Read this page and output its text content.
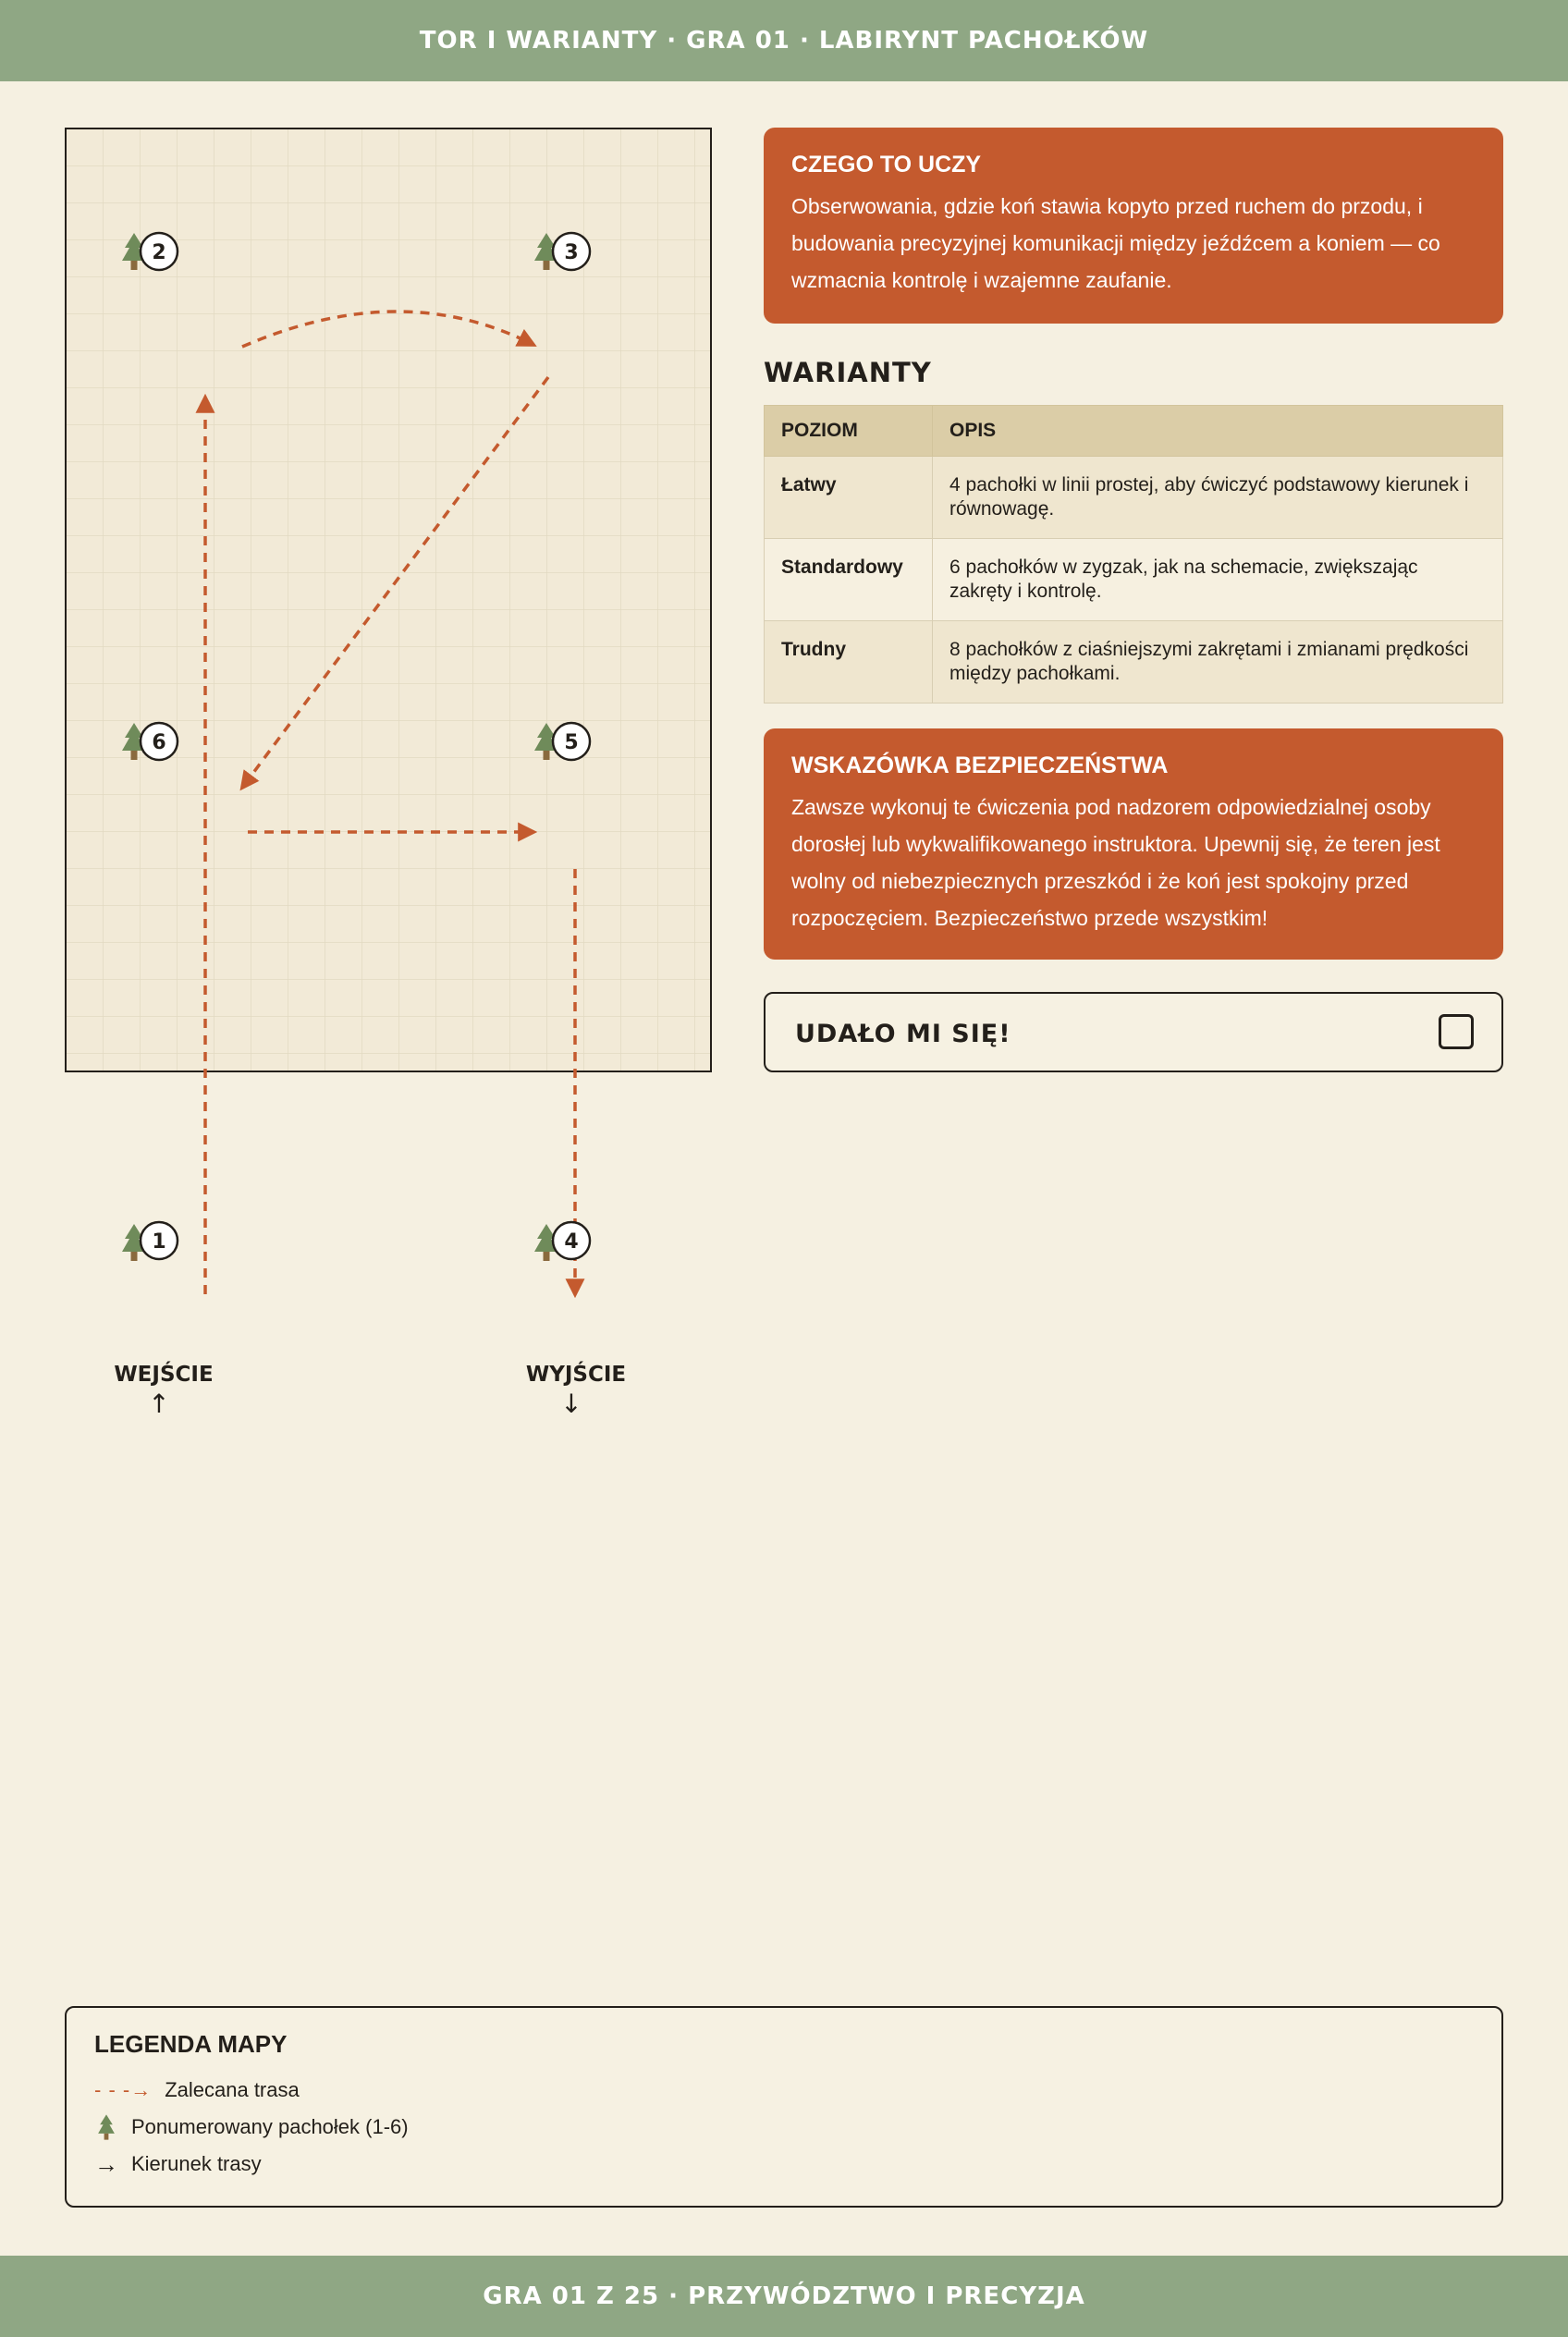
TOR I WARIANTY · GRA 01 · LABIRYNT PACHOŁKÓW
1
2	3
4
5
6
WEJŚCIE
↑
WYJŚCIE
↓
CZEGO TO UCZY

Obserwowania, gdzie koń stawia kopyto przed ruchem do przodu, i budowania precyzyjnej komunikacji między jeźdźcem a koniem — co wzmacnia kontrolę i wzajemne zaufanie.

WARIANTY
POZIOM	OPIS
Łatwy	4 pachołki w linii prostej, aby ćwiczyć podstawowy kierunek i równowagę.
Standardowy	6 pachołków w zygzak, jak na schemacie, zwiększając zakręty i kontrolę.
Trudny	8 pachołków z ciaśniejszymi zakrętami i zmianami prędkości między pachołkami.
WSKAZÓWKA BEZPIECZEŃSTWA

Zawsze wykonuj te ćwiczenia pod nadzorem odpowiedzialnej osoby dorosłej lub wykwalifikowanego instruktora. Upewnij się, że teren jest wolny od niebezpiecznych przeszkód i że koń jest spokojny przed rozpoczęciem. Bezpieczeństwo przede wszystkim!

UDAŁO MI SIĘ!
LEGENDA MAPY
- - -→ Zalecana trasa
Ponumerowany pachołek (1-6)
→ Kierunek trasy
GRA 01 Z 25 · PRZYWÓDZTWO I PRECYZJA
